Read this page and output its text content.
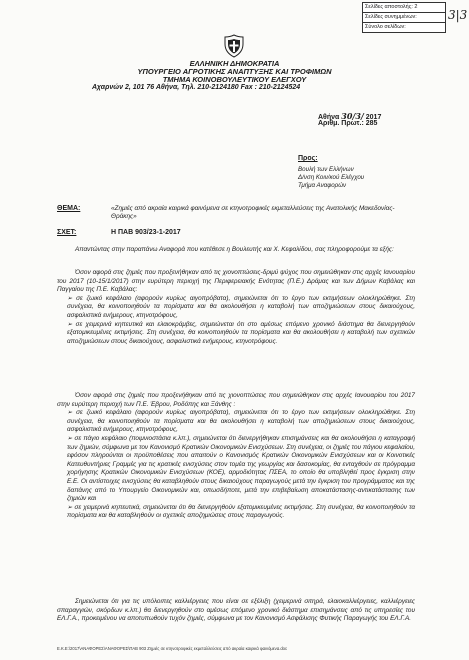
Σελίδες αποστολής: 2
Σελίδες συνημμένων:
Σύνολο σελίδων:
3|3
ΕΛΛΗΝΙΚΗ ΔΗΜΟΚΡΑΤΙΑ
ΥΠΟΥΡΓΕΙΟ ΑΓΡΟΤΙΚΗΣ ΑΝΑΠΤΥΞΗΣ ΚΑΙ ΤΡΟΦΙΜΩΝ
ΤΜΗΜΑ ΚΟΙΝΟΒΟΥΛΕΥΤΙΚΟΥ ΕΛΕΓΧΟΥ
Αχαρνών 2, 101 76 Αθήνα, Τηλ. 210-2124180 Fax : 210-2124524
Αθήνα 30/3/ 2017
Αριθμ. Πρωτ.: 285
Προς:
Βουλή των Ελλήνων
Δ/νση Κοιν/κού Ελέγχου
Τμήμα Αναφορών
ΘΕΜΑ:	«Ζημιές από ακραία καιρικά φαινόμενα σε κτηνοτροφικές εκμεταλλεύσεις της Ανατολικής Μακεδονίας-Θράκης»
ΣΧΕΤ:	Η ΠΑΒ 903/23-1-2017

Απαντώντας στην παραπάνω Αναφορά που κατέθεσε η Βουλευτής και Χ. Κεφαλίδου, σας πληροφορούμε τα εξής:

Όσον αφορά στις ζημιές που προξενήθηκαν από τις χιονοπτώσεις-δριμύ ψύχος που σημειώθηκαν στις αρχές Ιανουαρίου του 2017 (10-15/1/2017) στην ευρύτερη περιοχή της Περιφερειακής Ενότητας (Π.Ε.) Δράμας και των Δήμων Καβάλας και Παγγαίου της Π.Ε. Καβάλας:

➢ σε ζωικό κεφάλαιο (αφορούν κυρίως αιγοπρόβατα), σημειώνεται ότι το έργο των εκτιμήσεων ολοκληρώθηκε. Στη συνέχεια, θα κοινοποιηθούν τα πορίσματα και θα ακολουθήσει η καταβολή των αποζημιώσεων στους δικαιούχους, ασφαλιστικά ενήμερους, κτηνοτρόφους,

➢ σε χειμερινά κηπευτικά και ελαιοκράμβες, σημειώνεται ότι στο αμέσως επόμενο χρονικό διάστημα θα διενεργηθούν εξατομικευμένες εκτιμήσεις. Στη συνέχεια, θα κοινοποιηθούν τα πορίσματα και θα ακολουθήσει η καταβολή των σχετικών αποζημιώσεων στους δικαιούχους, ασφαλιστικά ενήμερους, κτηνοτρόφους.

Όσον αφορά στις ζημιές που προξενήθηκαν από τις χιονοπτώσεις που σημειώθηκαν στις αρχές Ιανουαρίου του 2017 στην ευρύτερη περιοχή των Π.Ε. Έβρου, Ροδόπης και Ξάνθης :

➢ σε ζωικό κεφάλαιο (αφορούν κυρίως αιγοπρόβατα), σημειώνεται ότι το έργο των εκτιμήσεων ολοκληρώθηκε. Στη συνέχεια, θα κοινοποιηθούν τα πορίσματα και θα ακολουθήσει η καταβολή των αποζημιώσεων στους δικαιούχους, ασφαλιστικά ενήμερους, κτηνοτρόφους,

➢ σε πάγιο κεφάλαιο (ποιμνιοστάσια κ.λπ.), σημειώνεται ότι διενεργήθηκαν επισημάνσεις και θα ακολουθήσει η καταγραφή των ζημιών, σύμφωνα με τον Κανονισμό Κρατικών Οικονομικών Ενισχύσεων. Στη συνέχεια, οι ζημιές του πάγιου κεφαλαίου, εφόσον πληρούνται οι προϋποθέσεις που απαιτούν ο Κανονισμός Κρατικών Οικονομικών Ενισχύσεων και οι Κοινοτικές Κατευθυντήριες Γραμμές για τις κρατικές ενισχύσεις στον τομέα της γεωργίας και δασοκομίας, θα ενταχθούν σε πρόγραμμα χορήγησης Κρατικών Οικονομικών Ενισχύσεων (ΚΟΕ), αρμοδιότητας ΠΣΕΑ, το οποίο θα υποβληθεί προς έγκριση στην Ε.Ε. Οι αντίστοιχες ενισχύσεις θα καταβληθούν στους δικαιούχους παραγωγούς μετά την έγκριση του προγράμματος και της δαπάνης από το Υπουργείο Οικονομικών και, οπωσδήποτε, μετά την επιβεβαίωση αποκατάστασης-αντικατάστασης των ζημιών και

➢ σε χειμερινά κηπευτικά, σημειώνεται ότι θα διενεργηθούν εξατομικευμένες εκτιμήσεις. Στη συνέχεια, θα κοινοποιηθούν τα πορίσματα και θα καταβληθούν οι σχετικές αποζημιώσεις στους παραγωγούς.

Σημειώνεται ότι για τις υπόλοιπες καλλιέργειες που είναι σε εξέλιξη (χειμερινά σιτηρά, ελαιοκαλλιέργειες, καλλιέργειες σπαραγγιών, σκόρδων κ.λπ.) θα διενεργηθούν στο αμέσως επόμενο χρονικό διάστημα επισημάνσεις από τις υπηρεσίες του ΕΛ.Γ.Α., προκειμένου να αποτυπωθούν τυχόν ζημιές, σύμφωνα με τον Κανονισμό Ασφάλισης Φυτικής Παραγωγής του ΕΛ.Γ.Α.

Ε.Κ.Ε:\2017\ΑΝΑΦΟΡΕΣ\ΑΝΑΦΟΡΕΣ\ΠΑΒ 903 Ζημιές σε κτηνοτροφικές εκμεταλλεύσεις από ακραία καιρικά φαινόμενα.doc
